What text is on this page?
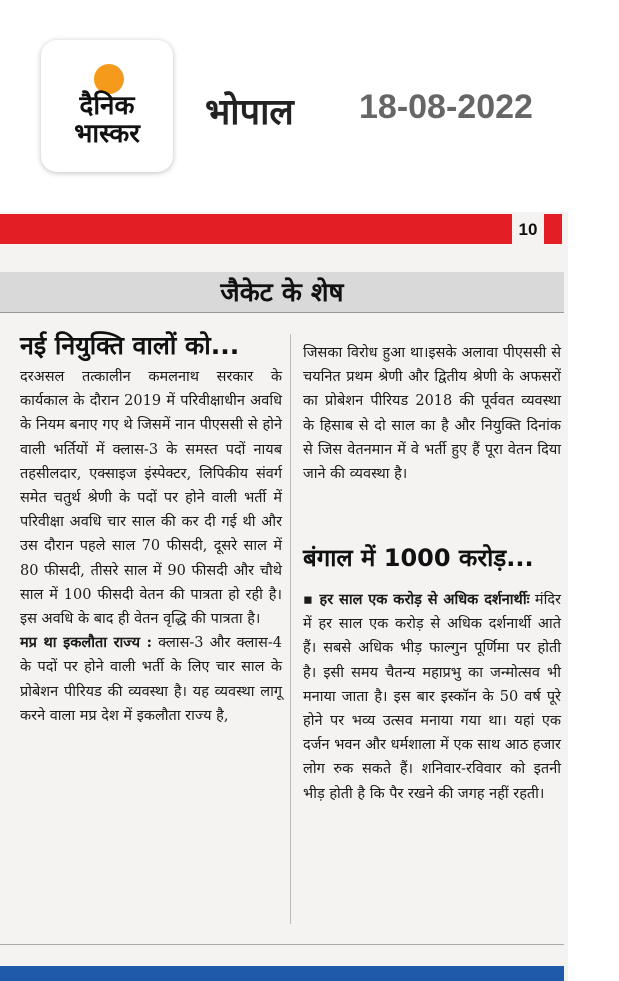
दैनिक
भास्कर
भोपाल 18-08-2022
10
जैकेट के शेष
नई नियुक्ति वालों को...

दरअसल तत्कालीन कमलनाथ सरकार के कार्यकाल के दौरान 2019 में परिवीक्षाधीन अवधि के नियम बनाए गए थे जिसमें नान पीएससी से होने वाली भर्तियों में क्लास-3 के समस्त पदों नायब तहसीलदार, एक्साइज इंस्पेक्टर, लिपिकीय संवर्ग समेत चतुर्थ श्रेणी के पदों पर होने वाली भर्ती में परिवीक्षा अवधि चार साल की कर दी गई थी और उस दौरान पहले साल 70 फीसदी, दूसरे साल में 80 फीसदी, तीसरे साल में 90 फीसदी और चौथे साल में 100 फीसदी वेतन की पात्रता हो रही है। इस अवधि के बाद ही वेतन वृद्धि की पात्रता है।

मप्र था इकलौता राज्य : क्लास-3 और क्लास-4 के पदों पर होने वाली भर्ती के लिए चार साल के प्रोबेशन पीरियड की व्यवस्था है। यह व्यवस्था लागू करने वाला मप्र देश में इकलौता राज्य है,

जिसका विरोध हुआ था।इसके अलावा पीएससी से चयनित प्रथम श्रेणी और द्वितीय श्रेणी के अफसरों का प्रोबेशन पीरियड 2018 की पूर्ववत व्यवस्था के हिसाब से दो साल का है और नियुक्ति दिनांक से जिस वेतनमान में वे भर्ती हुए हैं पूरा वेतन दिया जाने की व्यवस्था है।

बंगाल में 1000 करोड़...

▪ हर साल एक करोड़ से अधिक दर्शनार्थीः मंदिर में हर साल एक करोड़ से अधिक दर्शनार्थी आते हैं। सबसे अधिक भीड़ फाल्गुन पूर्णिमा पर होती है। इसी समय चैतन्य महाप्रभु का जन्मोत्सव भी मनाया जाता है। इस बार इस्कॉन के 50 वर्ष पूरे होने पर भव्य उत्सव मनाया गया था। यहां एक दर्जन भवन और धर्मशाला में एक साथ आठ हजार लोग रुक सकते हैं। शनिवार-रविवार को इतनी भीड़ होती है कि पैर रखने की जगह नहीं रहती।
